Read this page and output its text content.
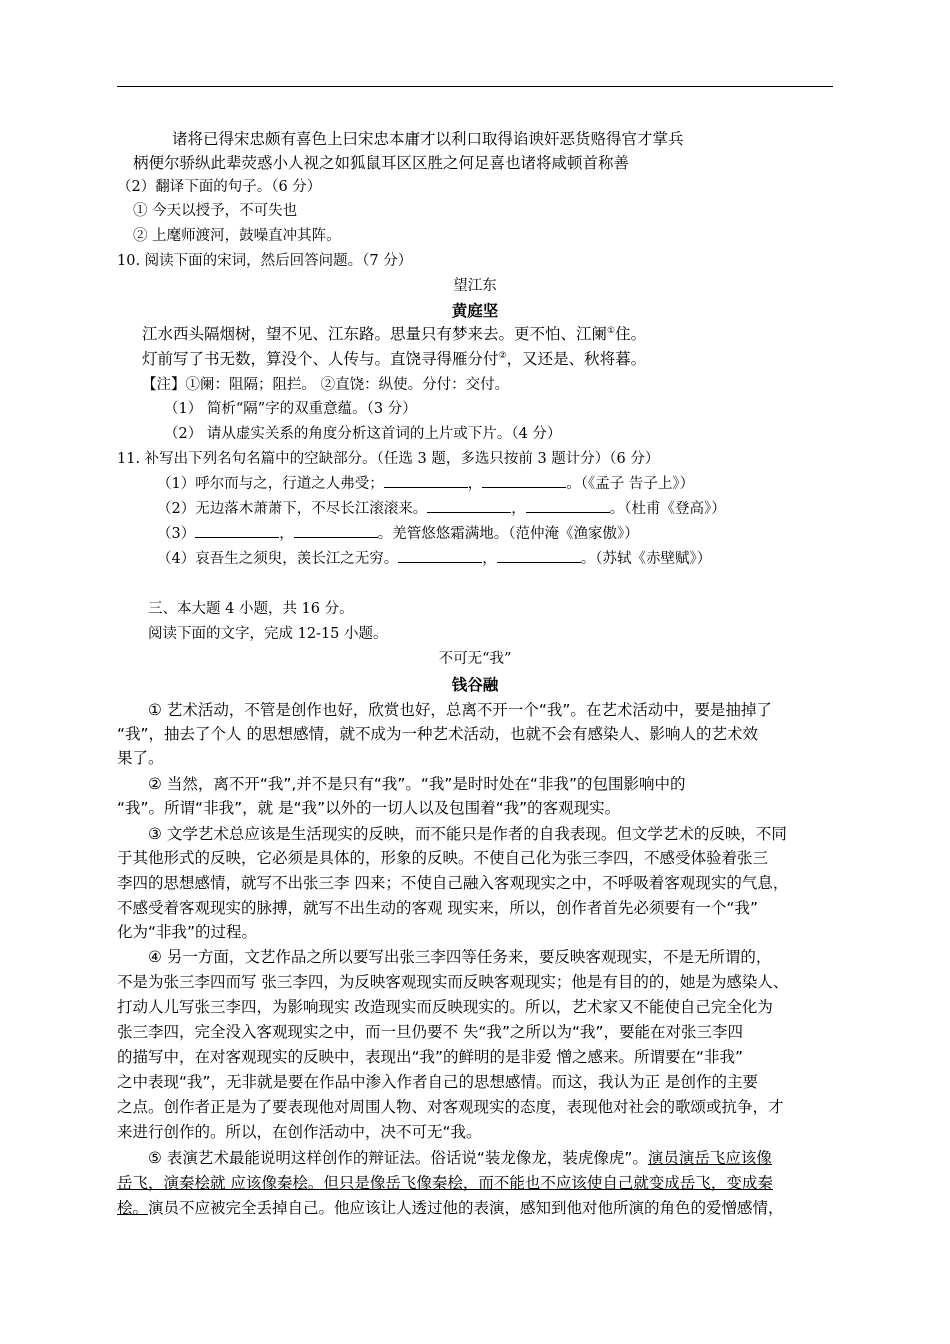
诸将已得宋忠颇有喜色上曰宋忠本庸才以利口取得谄谀奸恶货赂得官才掌兵
柄便尔骄纵此辈荧惑小人视之如狐鼠耳区区胜之何足喜也诸将咸顿首称善
（2）翻译下面的句子。（6 分）
① 今天以授予，不可失也
② 上麾师渡河，鼓噪直冲其阵。
10. 阅读下面的宋词，然后回答问题。（7 分）
望江东
黄庭坚
江水西头隔烟树，望不见、江东路。思量只有梦来去。更不怕、江阑①住。
灯前写了书无数，算没个、人传与。直饶寻得雁分付②，又还是、秋将暮。
【注】①阑：阻隔；阻拦。 ②直饶：纵使。分付：交付。
（1） 简析“隔”字的双重意蕴。（3 分）
（2） 请从虚实关系的角度分析这首词的上片或下片。（4 分）
11. 补写出下列名句名篇中的空缺部分。（任选 3 题，多选只按前 3 题计分）（6 分）
（1）呼尔而与之，行道之人弗受；	，	。（《孟子 告子上》）
（2）无边落木萧萧下，不尽长江滚滚来。	，	。（杜甫《登高》）
（3）	，	。羌管悠悠霜满地。（范仲淹《渔家傲》）
（4）哀吾生之须臾，羡长江之无穷。	，	。（苏轼《赤壁赋》）
三、本大题 4 小题，共 16 分。
阅读下面的文字，完成 12-15 小题。
不可无“我”
钱谷融
① 艺术活动，不管是创作也好，欣赏也好，总离不开一个“我”。在艺术活动中，要是抽掉了
“我”，抽去了个人 的思想感情，就不成为一种艺术活动，也就不会有感染人、影响人的艺术效
果了。
② 当然，离不开“我”,并不是只有“我”。“我”是时时处在“非我”的包围影响中的
“我”。所谓“非我”，就 是“我”以外的一切人以及包围着“我”的客观现实。
③ 文学艺术总应该是生活现实的反映，而不能只是作者的自我表现。但文学艺术的反映，不同
于其他形式的反映，它必须是具体的，形象的反映。不使自己化为张三李四，不感受体验着张三
李四的思想感情，就写不出张三李 四来；不使自己融入客观现实之中，不呼吸着客观现实的气息，
不感受着客观现实的脉搏，就写不出生动的客观 现实来，所以，创作者首先必须要有一个“我”
化为“非我”的过程。
④ 另一方面，文艺作品之所以要写出张三李四等任务来，要反映客观现实，不是无所谓的，
不是为张三李四而写 张三李四，为反映客观现实而反映客观现实；他是有目的的，她是为感染人、
打动人儿写张三李四，为影响现实 改造现实而反映现实的。所以，艺术家又不能使自己完全化为
张三李四，完全没入客观现实之中，而一旦仍要不 失“我”之所以为“我”，要能在对张三李四
的描写中，在对客观现实的反映中，表现出“我”的鲜明的是非爱 憎之感来。所谓要在“非我”
之中表现“我”，无非就是要在作品中渗入作者自己的思想感情。而这，我认为正 是创作的主要
之点。创作者正是为了要表现他对周围人物、对客观现实的态度，表现他对社会的歌颂或抗争，才
来进行创作的。所以，在创作活动中，决不可无“我。
⑤ 表演艺术最能说明这样创作的辩证法。俗话说“装龙像龙，装虎像虎”。演员演岳飞应该像
岳飞，演秦桧就 应该像秦桧。但只是像岳飞像秦桧，而不能也不应该使自己就变成岳飞，变成秦
桧。演员不应被完全丢掉自己。他应该让人透过他的表演，感知到他对他所演的角色的爱憎感情，
